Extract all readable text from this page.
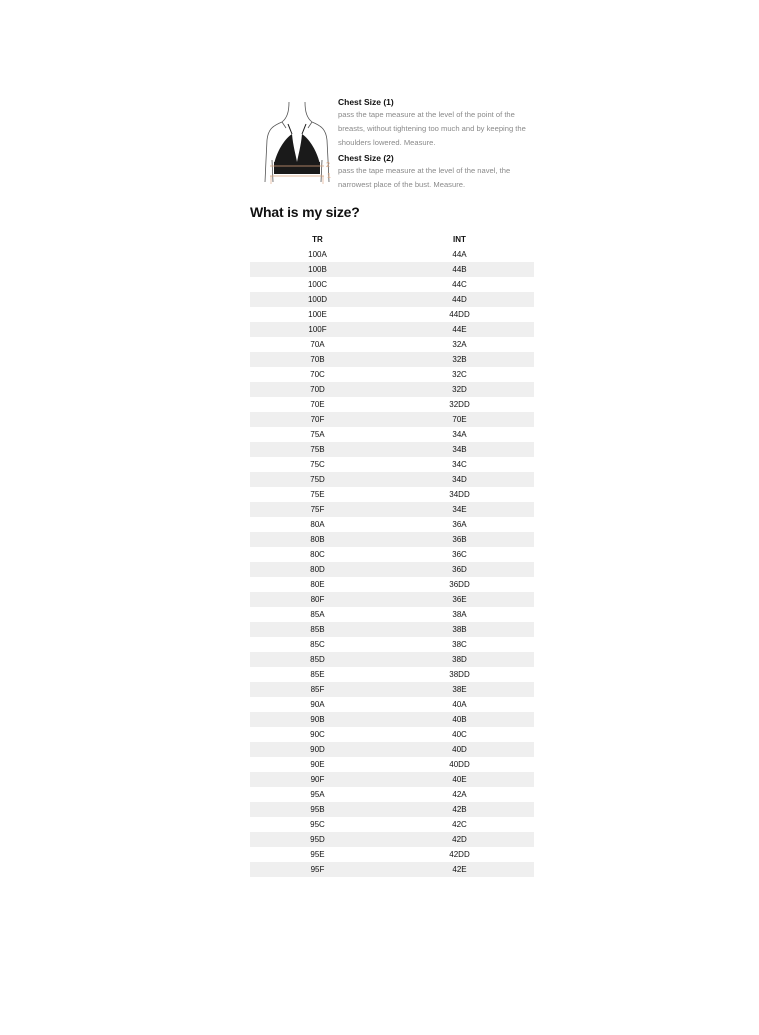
2
1
Chest Size (1)

pass the tape measure at the level of the point of the breasts, without tightening too much and by keeping the shoulders lowered. Measure.

Chest Size (2)

pass the tape measure at the level of the navel, the narrowest place of the bust. Measure.

What is my size?
TR	INT
100A	44A
100B	44B
100C	44C
100D	44D
100E	44DD
100F	44E
70A	32A
70B	32B
70C	32C
70D	32D
70E	32DD
70F	70E
75A	34A
75B	34B
75C	34C
75D	34D
75E	34DD
75F	34E
80A	36A
80B	36B
80C	36C
80D	36D
80E	36DD
80F	36E
85A	38A
85B	38B
85C	38C
85D	38D
85E	38DD
85F	38E
90A	40A
90B	40B
90C	40C
90D	40D
90E	40DD
90F	40E
95A	42A
95B	42B
95C	42C
95D	42D
95E	42DD
95F	42E
